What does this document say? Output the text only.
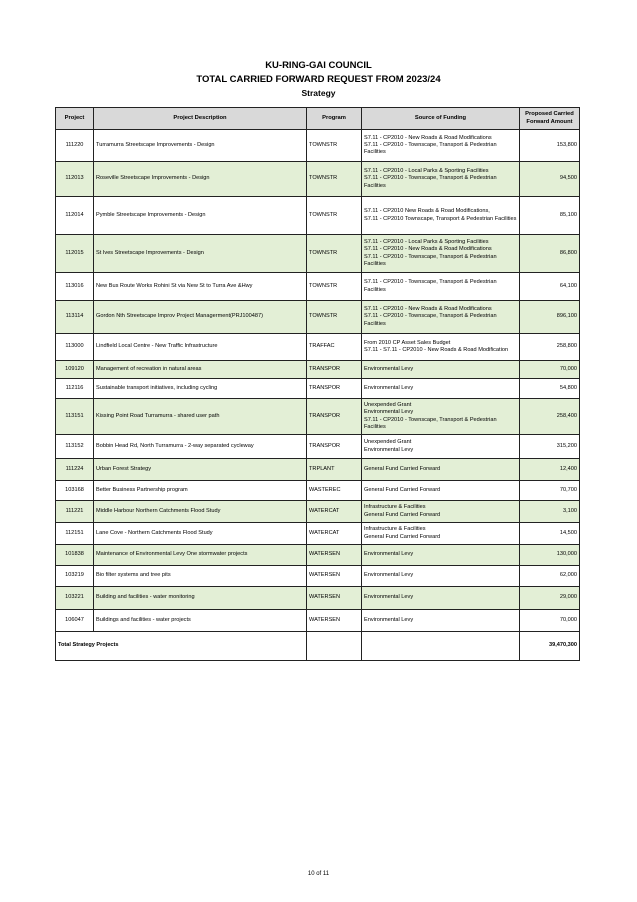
KU-RING-GAI COUNCIL
TOTAL CARRIED FORWARD REQUEST FROM 2023/24
Strategy
Project	Project Description	Program	Source of Funding	Proposed Carried Forward Amount
111220	Turramurra Streetscape Improvements - Design	TOWNSTR	S7.11 - CP2010 - New Roads & Road Modifications
S7.11 - CP2010 - Townscape, Transport & Pedestrian Facilities	153,800
112013	Roseville Streetscape Improvements - Design	TOWNSTR	S7.11 - CP2010 - Local Parks & Sporting Facilities
S7.11 - CP2010 - Townscape, Transport & Pedestrian Facilities	94,500
112014	Pymble Streetscape Improvements - Design	TOWNSTR	S7.11 - CP2010 New Roads & Road Modifications,
S7.11 - CP2010 Townscape, Transport & Pedestrian Facilities	85,100
112015	St Ives Streetscape Improvements - Design	TOWNSTR	S7.11 - CP2010 - Local Parks & Sporting Facilities
S7.11 - CP2010 - New Roads & Road Modifications
S7.11 - CP2010 - Townscape, Transport & Pedestrian Facilities	86,800
113016	New Bus Route Works Rohini St via New St to Turra Ave &Hwy	TOWNSTR	S7.11 - CP2010 - Townscape, Transport & Pedestrian Facilities	64,100
113114	Gordon Nth Streetscape Improv Project Managerment(PRJ100487)	TOWNSTR	S7.11 - CP2010 - New Roads & Road Modifications
S7.11 - CP2010 - Townscape, Transport & Pedestrian Facilities	896,100
113000	Lindfield Local Centre - New Traffic Infrastructure	TRAFFAC	From 2010 CP Asset Sales Budget
S7.11 - S7.11 - CP2010 - New Roads & Road Modification	258,800
109120	Management of recreation in natural areas	TRANSPOR	Environmental Levy	70,000
112116	Sustainable transport initiatives, including cycling	TRANSPOR	Environmental Levy	54,800
113151	Kissing Point Road Turramurra - shared user path	TRANSPOR	Unexpended Grant
Environmental Levy
S7.11 - CP2010 - Townscape, Transport & Pedestrian Facilities	258,400
113152	Bobbin Head Rd, North Turramurra - 2-way separated cycleway	TRANSPOR	Unexpended Grant
Environmental Levy	315,200
111224	Urban Forest Strategy	TRPLANT	General Fund Carried Forward	12,400
103168	Better Business Partnership program	WASTEREC	General Fund Carried Forward	70,700
111221	Middle Harbour Northern Catchments Flood Study	WATERCAT	Infrastructure & Facilities
General Fund Carried Forward	3,100
112151	Lane Cove - Northern Catchments Flood Study	WATERCAT	Infrastructure & Facilities
General Fund Carried Forward	14,500
101838	Maintenance of Environmental Levy One stormwater projects	WATERSEN	Environmental Levy	130,000
103219	Bio filter systems and tree pits	WATERSEN	Environmental Levy	62,000
103221	Building and facilities - water monitoring	WATERSEN	Environmental Levy	29,000
106047	Buildings and facilities - water projects	WATERSEN	Environmental Levy	70,000
Total Strategy Projects				39,470,300
10 of 11
